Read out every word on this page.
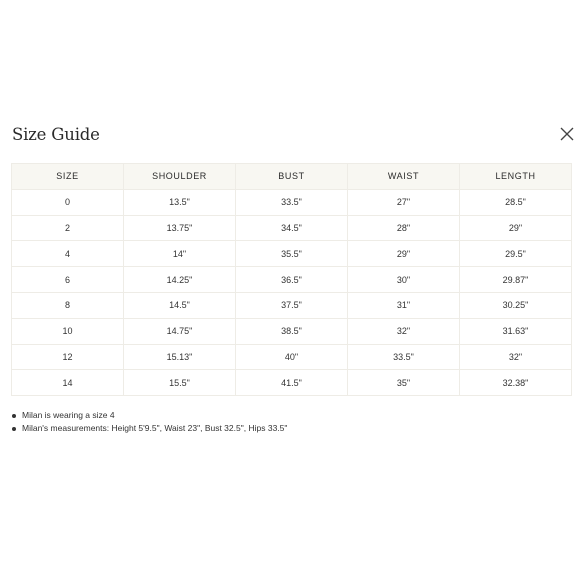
Size Guide
SIZE	SHOULDER	BUST	WAIST	LENGTH
0	13.5"	33.5"	27"	28.5"
2	13.75"	34.5"	28"	29"
4	14"	35.5"	29"	29.5"
6	14.25"	36.5"	30"	29.87"
8	14.5"	37.5"	31"	30.25"
10	14.75"	38.5"	32"	31.63"
12	15.13"	40"	33.5"	32"
14	15.5"	41.5"	35"	32.38"
Milan is wearing a size 4
Milan's measurements: Height 5'9.5", Waist 23", Bust 32.5", Hips 33.5"
